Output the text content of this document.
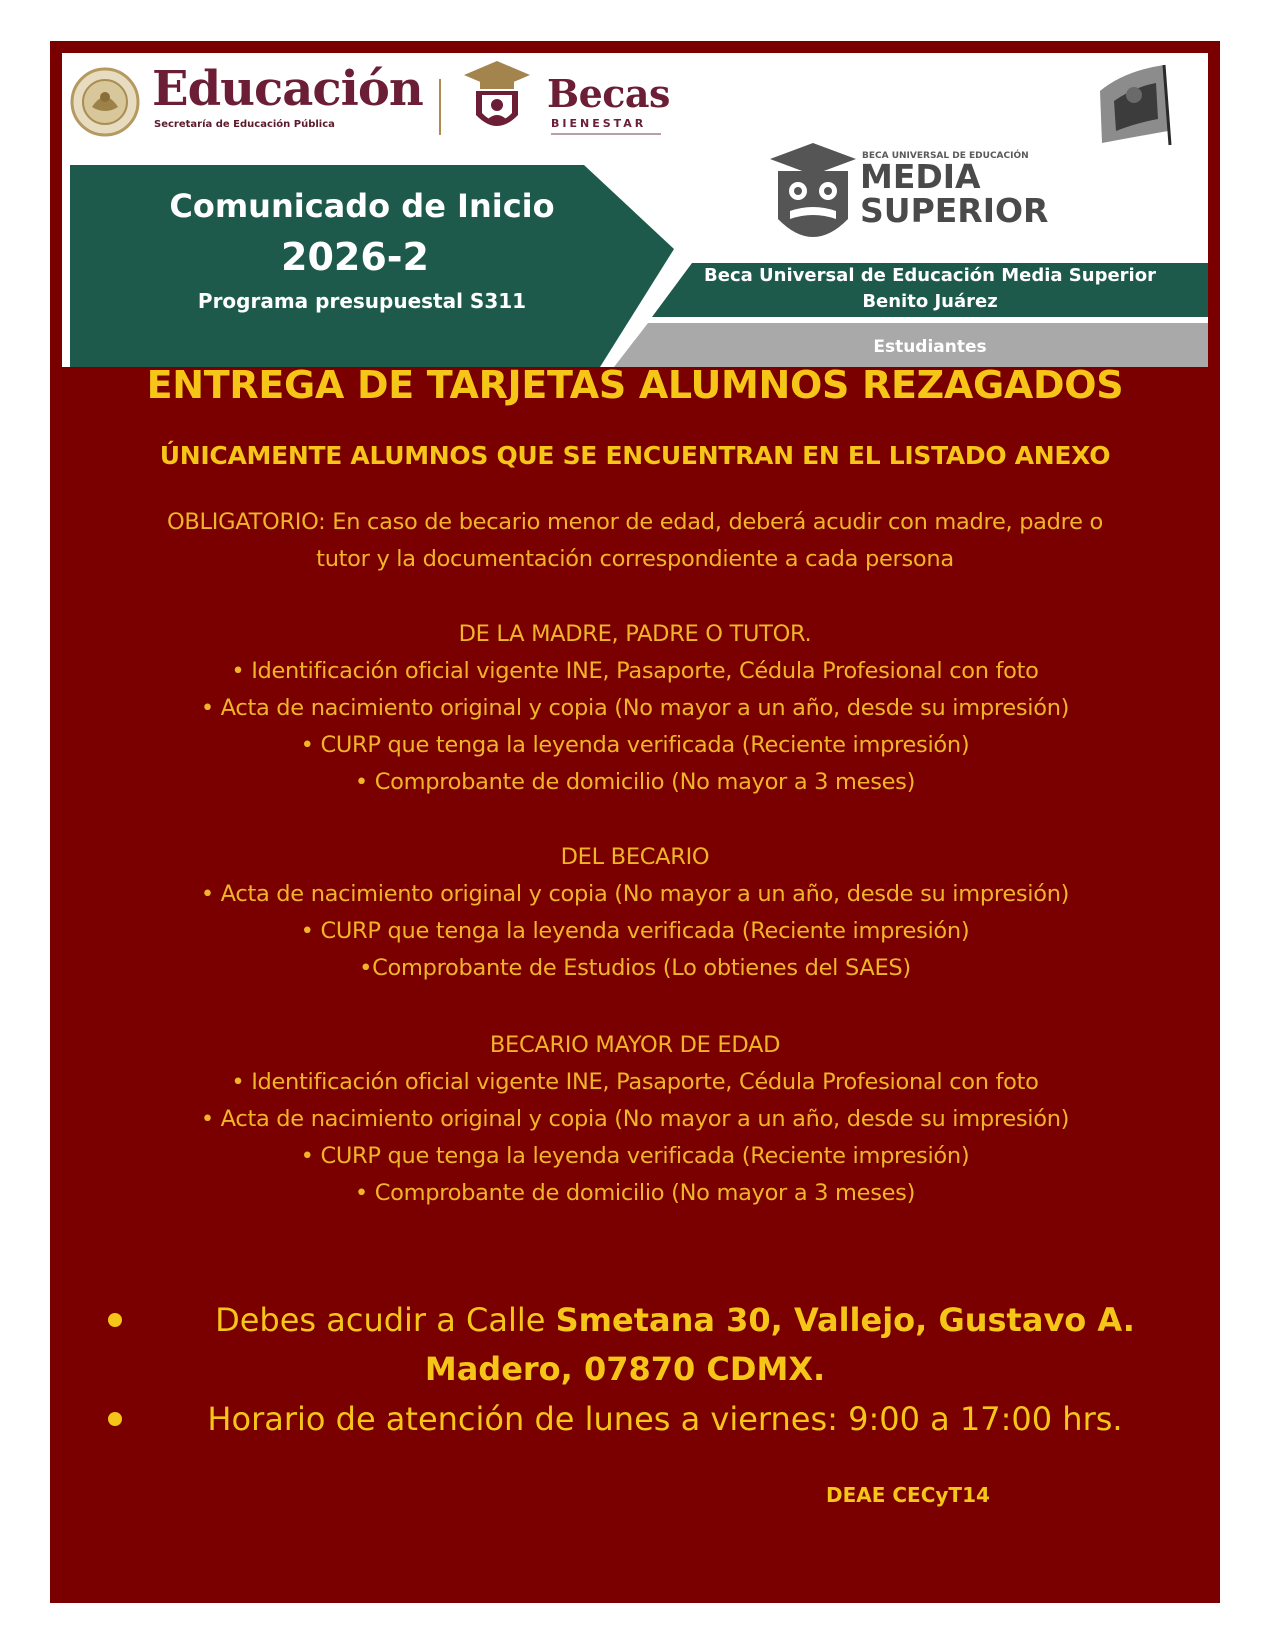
Educación
Secretaría de Educación Pública
Becas
BIENESTAR
Comunicado de Inicio
2026-2
Programa presupuestal S311
BECA UNIVERSAL DE EDUCACIÓN
MEDIA
SUPERIOR
Beca Universal de Educación Media Superior
Benito Juárez
Estudiantes
ENTREGA DE TARJETAS ALUMNOS REZAGADOS
ÚNICAMENTE ALUMNOS QUE SE ENCUENTRAN EN EL LISTADO ANEXO
OBLIGATORIO: En caso de becario menor de edad, deberá acudir con madre, padre o
tutor y la documentación correspondiente a cada persona
DE LA MADRE, PADRE O TUTOR.
• Identificación oficial vigente INE, Pasaporte, Cédula Profesional con foto
• Acta de nacimiento original y copia (No mayor a un año, desde su impresión)
• CURP que tenga la leyenda verificada (Reciente impresión)
• Comprobante de domicilio (No mayor a 3 meses)
DEL BECARIO
• Acta de nacimiento original y copia (No mayor a un año, desde su impresión)
• CURP que tenga la leyenda verificada (Reciente impresión)
•Comprobante de Estudios (Lo obtienes del SAES)
BECARIO MAYOR DE EDAD
• Identificación oficial vigente INE, Pasaporte, Cédula Profesional con foto
• Acta de nacimiento original y copia (No mayor a un año, desde su impresión)
• CURP que tenga la leyenda verificada (Reciente impresión)
• Comprobante de domicilio (No mayor a 3 meses)
Debes acudir a Calle Smetana 30, Vallejo, Gustavo A.
Madero, 07870 CDMX.
Horario de atención de lunes a viernes: 9:00 a 17:00 hrs.
DEAE CECyT14
